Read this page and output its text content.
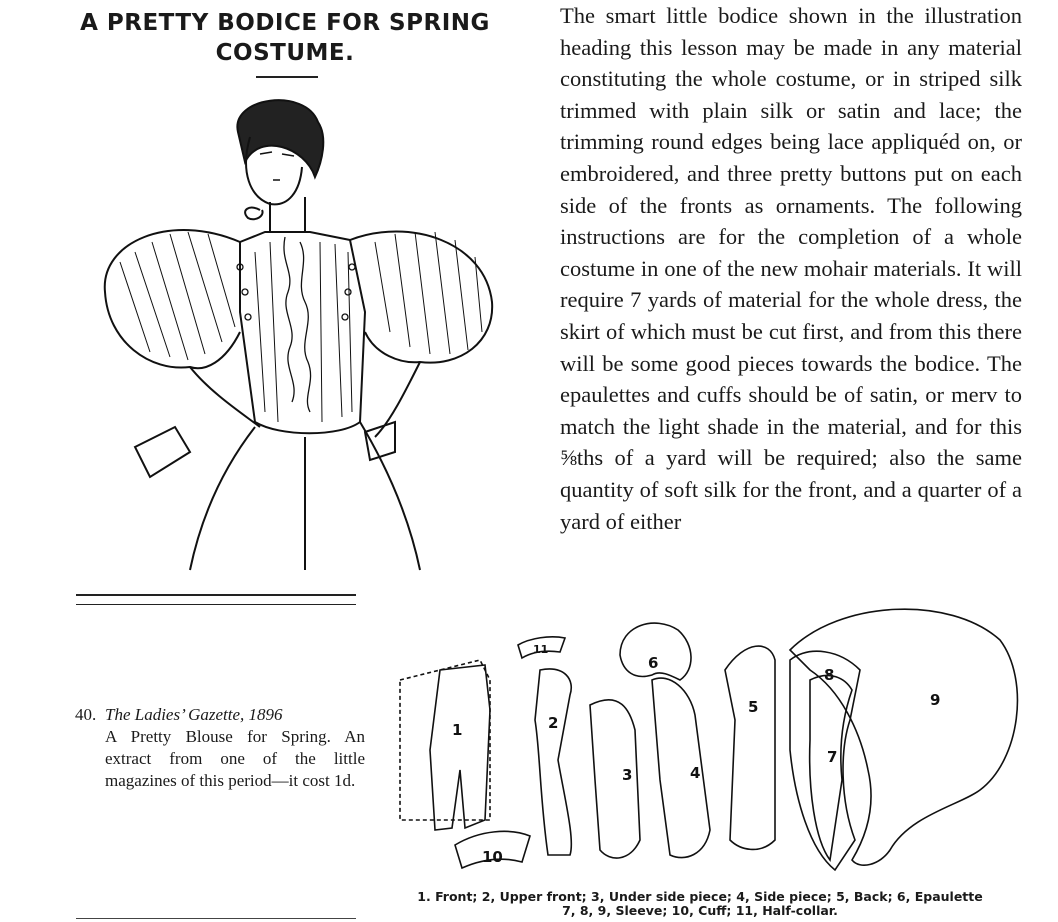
A PRETTY BODICE FOR SPRING
COSTUME.

The smart little bodice shown in the illustration heading this lesson may be made in any material constituting the whole costume, or in striped silk trimmed with plain silk or satin and lace; the trimming round edges being lace appliquéd on, or embroidered, and three pretty buttons put on each side of the fronts as ornaments. The following instructions are for the completion of a whole costume in one of the new mohair materials. It will require 7 yards of material for the whole dress, the skirt of which must be cut first, and from this there will be some good pieces towards the bodice. The epaulettes and cuffs should be of satin, or merv to match the light shade in the material, and for this ⅝ths of a yard will be required; also the same quantity of soft silk for the front, and a quarter of a yard of either

40. The Ladies’ Gazette, 1896
A Pretty Blouse for Spring. An extract from one of the little magazines of this period—it cost 1d.
1	2
3	4
5
6
7
8
9
10
11
1. Front; 2, Upper front; 3, Under side piece; 4, Side piece; 5, Back; 6, Epaulette
7, 8, 9, Sleeve; 10, Cuff; 11, Half-collar.
